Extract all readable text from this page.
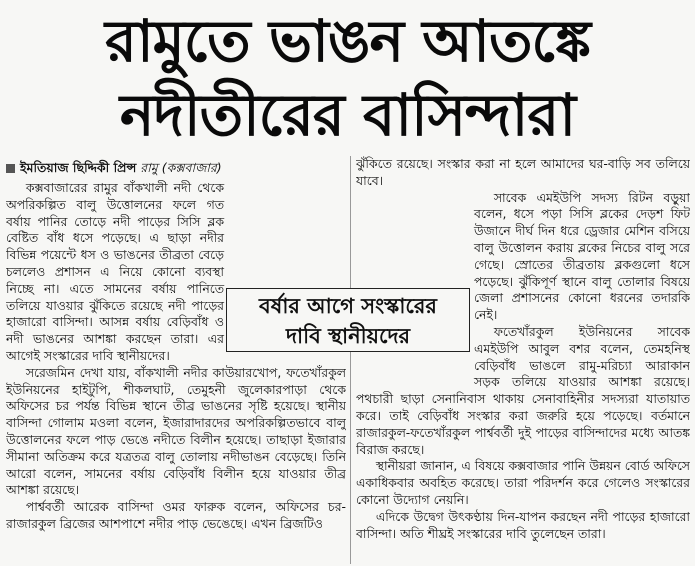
রামুতে ভাঙন আতঙ্কে
নদীতীরের বাসিন্দারা
ইমতিয়াজ ছিদ্দিকী প্রিন্স রামু (কক্সবাজার)

কক্সবাজারের রামুর বাঁকখালী নদী থেকে অপরিকল্পিত বালু উত্তোলনের ফলে গত বর্ষায় পানির তোড়ে নদী পাড়ের সিসি ব্লক বেষ্টিত বাঁধ ধসে পড়েছে। এ ছাড়া নদীর বিভিন্ন পয়েন্টে ধস ও ভাঙনের তীব্রতা বেড়ে চললেও প্রশাসন এ নিয়ে কোনো ব্যবস্থা নিচ্ছে না। এতে সামনের বর্ষায় পানিতে তলিয়ে যাওয়ার ঝুঁকিতে রয়েছে নদী পাড়ের হাজারো বাসিন্দা। আসন্ন বর্ষায় বেড়িবাঁধ ও নদী ভাঙনের আশঙ্কা করছেন তারা। এর আগেই সংস্কারের দাবি স্থানীয়দের।

সরেজমিন দেখা যায়, বাঁকখালী নদীর কাউয়ারখোপ, ফতেখাঁরকুল ইউনিয়নের হাইটুপি, শীকলঘাট, তেমুহনী জুলেকারপাড়া থেকে অফিসের চর পর্যন্ত বিভিন্ন স্থানে তীব্র ভাঙনের সৃষ্টি হয়েছে। স্থানীয় বাসিন্দা গোলাম মওলা বলেন, ইজারাদারদের অপরিকল্পিতভাবে বালু উত্তোলনের ফলে পাড় ভেঙে নদীতে বিলীন হয়েছে। তাছাড়া ইজারার সীমানা অতিক্রম করে যত্রতত্র বালু তোলায় নদীভাঙন বেড়েছে। তিনি আরো বলেন, সামনের বর্ষায় বেড়িবাঁধ বিলীন হয়ে যাওয়ার তীব্র আশঙ্কা রয়েছে।

পার্শ্ববর্তী আরেক বাসিন্দা ওমর ফারুক বলেন, অফিসের চর-রাজারকুল ব্রিজের আশপাশে নদীর পাড় ভেঙেছে। এখন ব্রিজটিও

ঝুঁকিতে রয়েছে। সংস্কার করা না হলে আমাদের ঘর-বাড়ি সব তলিয়ে যাবে।

সাবেক এমইউপি সদস্য রিটন বড়ুয়া বলেন, ধসে পড়া সিসি ব্লকের দেড়শ ফিট উজানে দীর্ঘ দিন ধরে ড্রেজার মেশিন বসিয়ে বালু উত্তোলন করায় ব্লকের নিচের বালু সরে গেছে। স্রোতের তীব্রতায় ব্লকগুলো ধসে পড়েছে। ঝুঁকিপূর্ণ স্থানে বালু তোলার বিষয়ে জেলা প্রশাসনের কোনো ধরনের তদারকি নেই।

ফতেখাঁরকুল ইউনিয়নের সাবেক এমইউপি আবুল বশর বলেন, তেমহনিস্থ বেড়িবাঁধ ভাঙলে রামু-মরিচ্যা আরাকান সড়ক তলিয়ে যাওয়ার আশঙ্কা রয়েছে। পথচারী ছাড়া সেনানিবাস থাকায় সেনাবাহিনীর সদস্যরা যাতায়াত করে। তাই বেড়িবাঁধ সংস্কার করা জরুরি হয়ে পড়েছে। বর্তমানে রাজারকুল-ফতেখাঁরকুল পার্শ্ববর্তী দুই পাড়ের বাসিন্দাদের মধ্যে আতঙ্ক বিরাজ করছে।

স্থানীয়রা জানান, এ বিষয়ে কক্সবাজার পানি উন্নয়ন বোর্ড অফিসে একাধিকবার অবহিত করেছে। তারা পরিদর্শন করে গেলেও সংস্কারের কোনো উদ্যোগ নেয়নি।

এদিকে উদ্বেগ উৎকণ্ঠায় দিন-যাপন করছেন নদী পাড়ের হাজারো বাসিন্দা। অতি শীঘ্রই সংস্কারের দাবি তুলেছেন তারা।

বর্ষার আগে সংস্কারের
দাবি স্থানীয়দের
